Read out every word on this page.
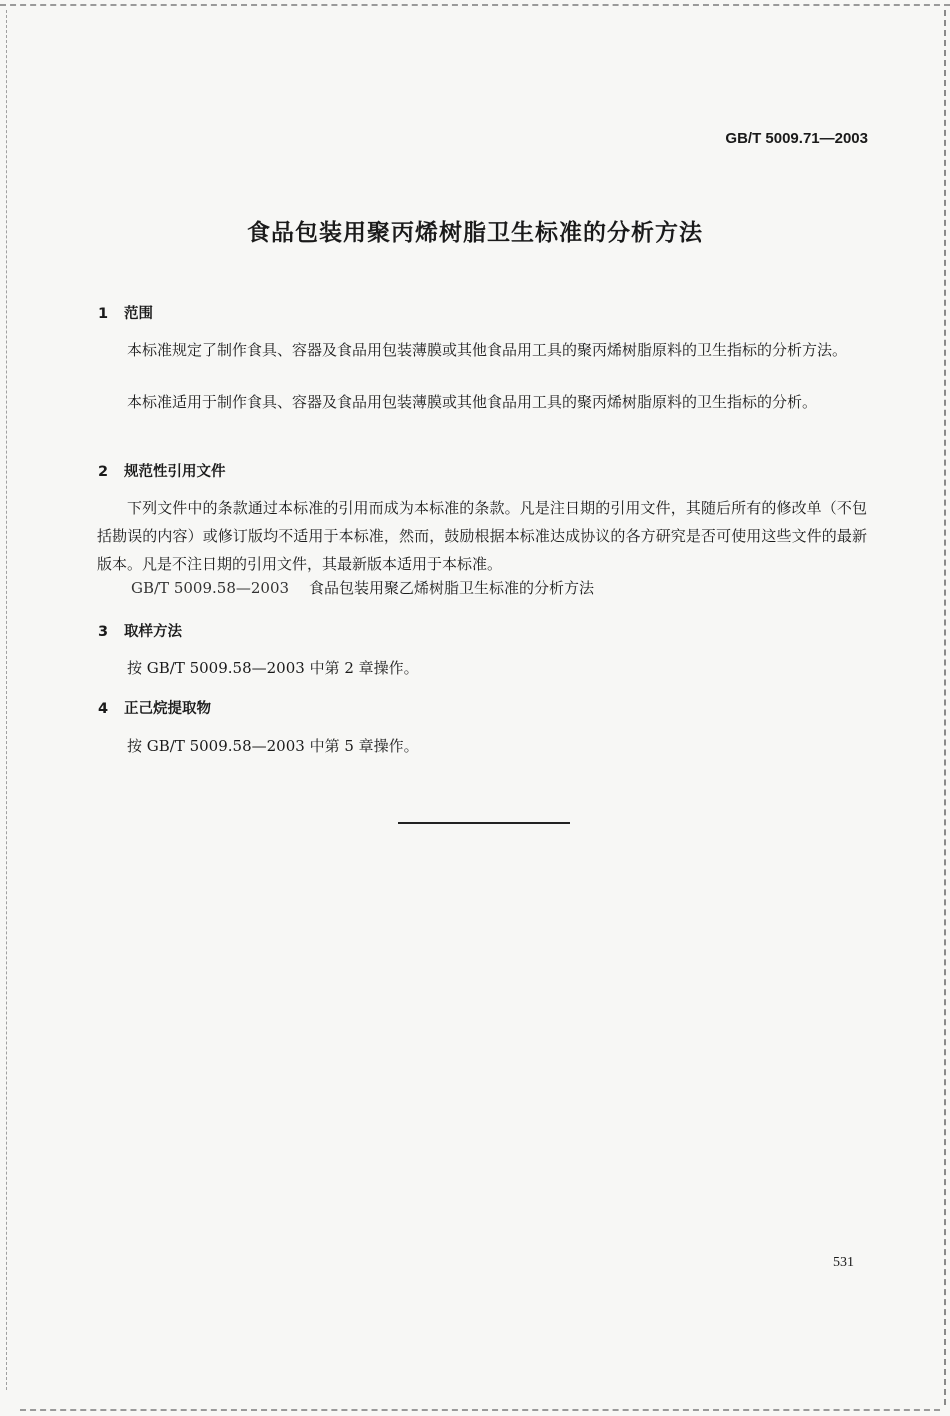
GB/T 5009.71—2003
食品包装用聚丙烯树脂卫生标准的分析方法
1 范围
本标准规定了制作食具、容器及食品用包装薄膜或其他食品用工具的聚丙烯树脂原料的卫生指标的分析方法。
本标准适用于制作食具、容器及食品用包装薄膜或其他食品用工具的聚丙烯树脂原料的卫生指标的分析。
2 规范性引用文件
下列文件中的条款通过本标准的引用而成为本标准的条款。凡是注日期的引用文件，其随后所有的修改单（不包括勘误的内容）或修订版均不适用于本标准，然而，鼓励根据本标准达成协议的各方研究是否可使用这些文件的最新版本。凡是不注日期的引用文件，其最新版本适用于本标准。
GB/T 5009.58—2003 食品包装用聚乙烯树脂卫生标准的分析方法
3 取样方法
按 GB/T 5009.58—2003 中第 2 章操作。
4 正己烷提取物
按 GB/T 5009.58—2003 中第 5 章操作。
531
